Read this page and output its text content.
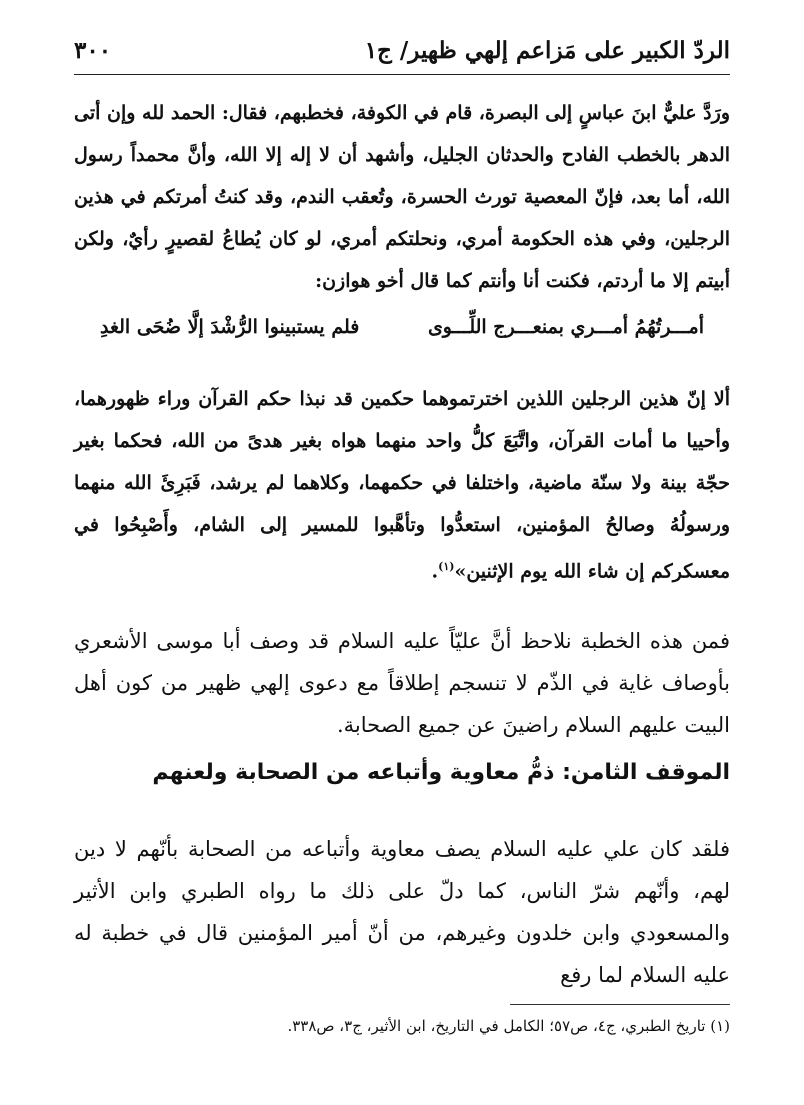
الردّ الكبير على مَزاعم إلهي ظهير/ ج١
٣٠٠

ورَدَّ عليٌّ ابنَ عباسٍ إلى البصرة، قام في الكوفة، فخطبهم، فقال: الحمد لله وإن أتى الدهر بالخطب الفادح والحدثان الجليل، وأشهد أن لا إله إلا الله، وأنَّ محمداً رسول الله، أما بعد، فإنّ المعصية تورث الحسرة، وتُعقب الندم، وقد كنتُ أمرتكم في هذين الرجلين، وفي هذه الحكومة أمري، ونحلتكم أمري، لو كان يُطاعُ لقصيرٍ رأيٌ، ولكن أبيتم إلا ما أردتم، فكنت أنا وأنتم كما قال أخو هوازن:

أمـــرتُهُمُ أمـــري بمنعـــرج اللِّـــوى
فلم يستبينوا الرُّشْدَ إلَّا ضُحَى الغدِ

ألا إنّ هذين الرجلين اللذين اخترتموهما حكمين قد نبذا حكم القرآن وراء ظهورهما، وأحييا ما أمات القرآن، واتَّبَعَ كلُّ واحد منهما هواه بغير هدىً من الله، فحكما بغير حجّة بينة ولا سنّة ماضية، واختلفا في حكمهما، وكلاهما لم يرشد، فَبَرِئَ الله منهما ورسولُهُ وصالحُ المؤمنين، استعدُّوا وتأهَّبوا للمسير إلى الشام، وأَصْبِحُوا في معسكركم إن شاء الله يوم الإثنين»$^{(١)}$.

فمن هذه الخطبة نلاحظ أنَّ عليّاً عليه السلام قد وصف أبا موسى الأشعري بأوصاف غاية في الذّم لا تنسجم إطلاقاً مع دعوى إلهي ظهير من كون أهل البيت عليهم السلام راضينَ عن جميع الصحابة.

الموقف الثامن: ذمُّ معاوية وأتباعه من الصحابة ولعنهم

فلقد كان علي عليه السلام يصف معاوية وأتباعه من الصحابة بأنّهم لا دين لهم، وأنّهم شرّ الناس، كما دلّ على ذلك ما رواه الطبري وابن الأثير والمسعودي وابن خلدون وغيرهم، من أنّ أمير المؤمنين قال في خطبة له عليه السلام لما رفع

(١) تاريخ الطبري، ج٤، ص٥٧؛ الكامل في التاريخ، ابن الأثير، ج٣، ص٣٣٨.
